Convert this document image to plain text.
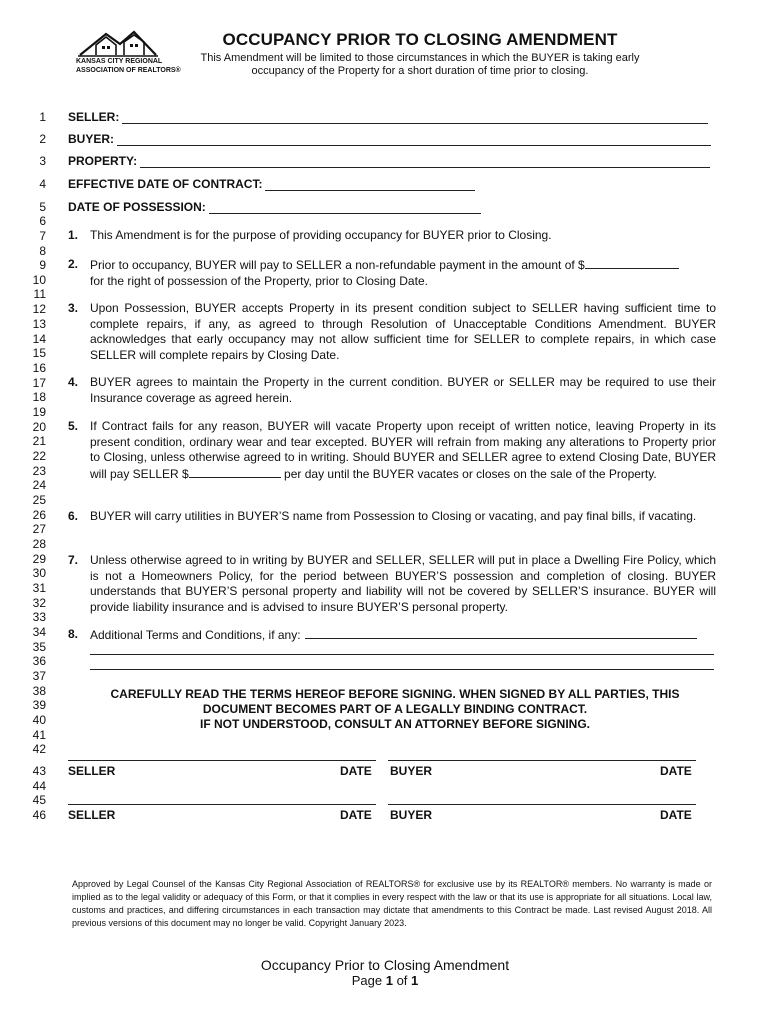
KANSAS CITY REGIONAL
ASSOCIATION OF REALTORS®
OCCUPANCY PRIOR TO CLOSING AMENDMENT
This Amendment will be limited to those circumstances in which the BUYER is taking early occupancy of the Property for a short duration of time prior to closing.
1
2
3
4
5
6
7
8
9
10
11
12
13
14
15
16
17
18
19
20
21
22
23
24
25
26
27
28
29
30
31
32
33
34
35
36
37
38
39
40
41
42
43
44
45
46
SELLER:
BUYER:
PROPERTY:
EFFECTIVE DATE OF CONTRACT:
DATE OF POSSESSION:
1. This Amendment is for the purpose of providing occupancy for BUYER prior to Closing.
2. Prior to occupancy, BUYER will pay to SELLER a non-refundable payment in the amount of $
for the right of possession of the Property, prior to Closing Date.
3. Upon Possession, BUYER accepts Property in its present condition subject to SELLER having sufficient time to complete repairs, if any, as agreed to through Resolution of Unacceptable Conditions Amendment. BUYER acknowledges that early occupancy may not allow sufficient time for SELLER to complete repairs, in which case SELLER will complete repairs by Closing Date.
4. BUYER agrees to maintain the Property in the current condition. BUYER or SELLER may be required to use their Insurance coverage as agreed herein.
5. If Contract fails for any reason, BUYER will vacate Property upon receipt of written notice, leaving Property in its present condition, ordinary wear and tear excepted. BUYER will refrain from making any alterations to Property prior to Closing, unless otherwise agreed to in writing. Should BUYER and SELLER agree to extend Closing Date, BUYER will pay SELLER $	per day until the BUYER vacates or closes on the sale of the Property.
6. BUYER will carry utilities in BUYER’S name from Possession to Closing or vacating, and pay final bills, if vacating.
7. Unless otherwise agreed to in writing by BUYER and SELLER, SELLER will put in place a Dwelling Fire Policy, which is not a Homeowners Policy, for the period between BUYER’S possession and completion of closing. BUYER understands that BUYER’S personal property and liability will not be covered by SELLER’S insurance. BUYER will provide liability insurance and is advised to insure BUYER’S personal property.
8. Additional Terms and Conditions, if any:
CAREFULLY READ THE TERMS HEREOF BEFORE SIGNING. WHEN SIGNED BY ALL PARTIES, THIS
DOCUMENT BECOMES PART OF A LEGALLY BINDING CONTRACT.
IF NOT UNDERSTOOD, CONSULT AN ATTORNEY BEFORE SIGNING.
SELLER	DATE BUYER	DATE
SELLER	DATE BUYER	DATE
Approved by Legal Counsel of the Kansas City Regional Association of REALTORS® for exclusive use by its REALTOR® members. No warranty is made or implied as to the legal validity or adequacy of this Form, or that it complies in every respect with the law or that its use is appropriate for all situations. Local law, customs and practices, and differing circumstances in each transaction may dictate that amendments to this Contract be made. Last revised August 2018. All previous versions of this document may no longer be valid. Copyright January 2023.
Occupancy Prior to Closing Amendment
Page 1 of 1
